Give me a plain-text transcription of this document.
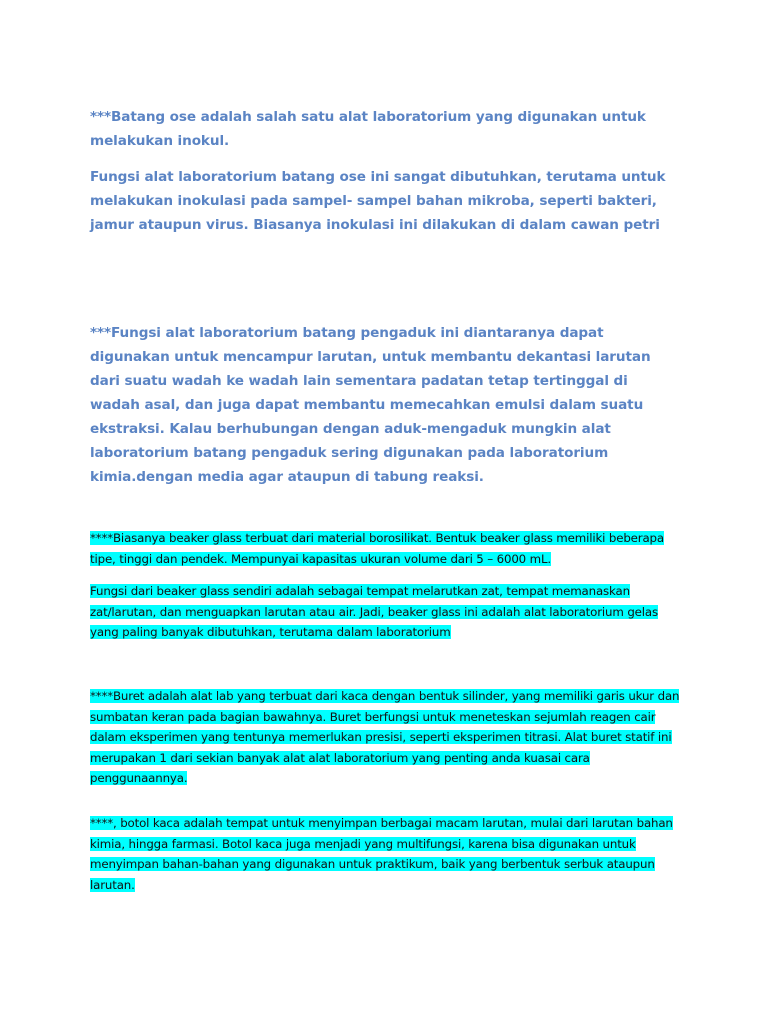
***Batang ose adalah salah satu alat laboratorium yang digunakan untuk melakukan inokul.

Fungsi alat laboratorium batang ose ini sangat dibutuhkan, terutama untuk melakukan inokulasi pada sampel- sampel bahan mikroba, seperti bakteri, jamur ataupun virus. Biasanya inokulasi ini dilakukan di dalam cawan petri

***Fungsi alat laboratorium batang pengaduk ini diantaranya dapat digunakan untuk mencampur larutan, untuk membantu dekantasi larutan dari suatu wadah ke wadah lain sementara padatan tetap tertinggal di wadah asal, dan juga dapat membantu memecahkan emulsi dalam suatu ekstraksi. Kalau berhubungan dengan aduk-mengaduk mungkin alat laboratorium batang pengaduk sering digunakan pada laboratorium kimia.dengan media agar ataupun di tabung reaksi.

****Biasanya beaker glass terbuat dari material borosilikat. Bentuk beaker glass memiliki beberapa tipe, tinggi dan pendek. Mempunyai kapasitas ukuran volume dari 5 – 6000 mL.

Fungsi dari beaker glass sendiri adalah sebagai tempat melarutkan zat, tempat memanaskan zat/larutan, dan menguapkan larutan atau air. Jadi, beaker glass ini adalah alat laboratorium gelas yang paling banyak dibutuhkan, terutama dalam laboratorium

****Buret adalah alat lab yang terbuat dari kaca dengan bentuk silinder, yang memiliki garis ukur dan sumbatan keran pada bagian bawahnya. Buret berfungsi untuk meneteskan sejumlah reagen cair dalam eksperimen yang tentunya memerlukan presisi, seperti eksperimen titrasi. Alat buret statif ini merupakan 1 dari sekian banyak alat alat laboratorium yang penting anda kuasai cara penggunaannya.

****, botol kaca adalah tempat untuk menyimpan berbagai macam larutan, mulai dari larutan bahan kimia, hingga farmasi. Botol kaca juga menjadi yang multifungsi, karena bisa digunakan untuk menyimpan bahan-bahan yang digunakan untuk praktikum, baik yang berbentuk serbuk ataupun larutan.
